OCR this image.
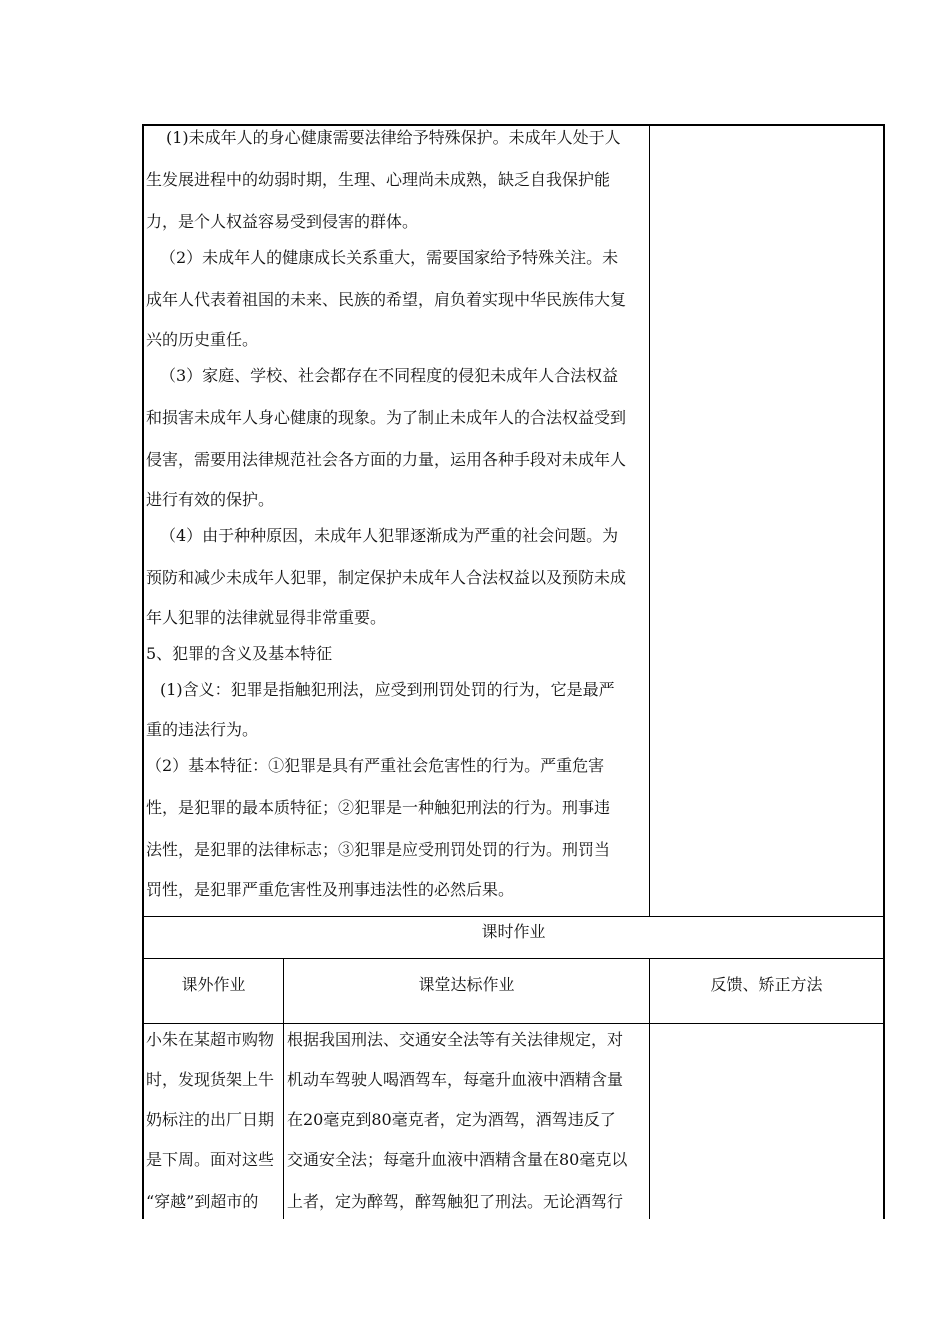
(1)未成年人的身心健康需要法律给予特殊保护。未成年人处于人
生发展进程中的幼弱时期，生理、心理尚未成熟，缺乏自我保护能
力，是个人权益容易受到侵害的群体。
（2）未成年人的健康成长关系重大，需要国家给予特殊关注。未
成年人代表着祖国的未来、民族的希望，肩负着实现中华民族伟大复
兴的历史重任。
（3）家庭、学校、社会都存在不同程度的侵犯未成年人合法权益
和损害未成年人身心健康的现象。为了制止未成年人的合法权益受到
侵害，需要用法律规范社会各方面的力量，运用各种手段对未成年人
进行有效的保护。
（4）由于种种原因，未成年人犯罪逐渐成为严重的社会问题。为
预防和减少未成年人犯罪，制定保护未成年人合法权益以及预防未成
年人犯罪的法律就显得非常重要。
5、犯罪的含义及基本特征
(1)含义：犯罪是指触犯刑法，应受到刑罚处罚的行为，它是最严
重的违法行为。
（2）基本特征：①犯罪是具有严重社会危害性的行为。严重危害
性，是犯罪的最本质特征；②犯罪是一种触犯刑法的行为。刑事违
法性，是犯罪的法律标志；③犯罪是应受刑罚处罚的行为。刑罚当
罚性，是犯罪严重危害性及刑事违法性的必然后果。
课时作业
课外作业	课堂达标作业	反馈、矫正方法
小朱在某超市购物
时，发现货架上牛
奶标注的出厂日期
是下周。面对这些
“穿越”到超市的
根据我国刑法、交通安全法等有关法律规定，对
机动车驾驶人喝酒驾车，每毫升血液中酒精含量
在20毫克到80毫克者，定为酒驾，酒驾违反了
交通安全法；每毫升血液中酒精含量在80毫克以
上者，定为醉驾，醉驾触犯了刑法。无论酒驾行
